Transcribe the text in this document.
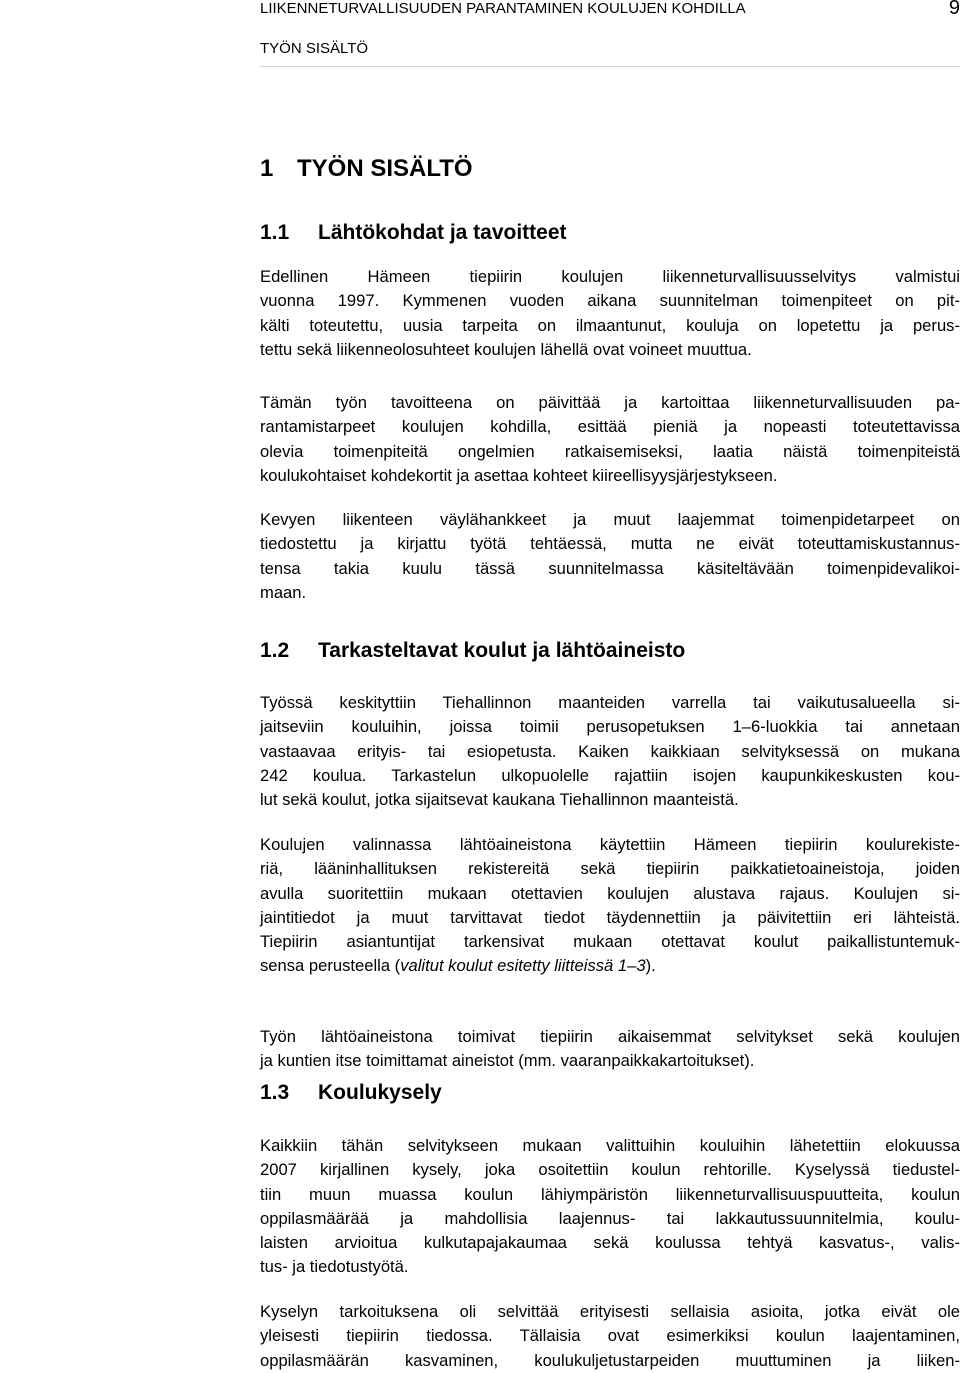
LIIKENNETURVALLISUUDEN PARANTAMINEN KOULUJEN KOHDILLA	9
TYÖN SISÄLTÖ
1 TYÖN SISÄLTÖ
1.1 Lähtökohdat ja tavoitteet
Edellinen Hämeen tiepiirin koulujen liikenneturvallisuusselvitys valmistui
vuonna 1997. Kymmenen vuoden aikana suunnitelman toimenpiteet on pit-
kälti toteutettu, uusia tarpeita on ilmaantunut, kouluja on lopetettu ja perus-
tettu sekä liikenneolosuhteet koulujen lähellä ovat voineet muuttua.
Tämän työn tavoitteena on päivittää ja kartoittaa liikenneturvallisuuden pa-
rantamistarpeet koulujen kohdilla, esittää pieniä ja nopeasti toteutettavissa
olevia toimenpiteitä ongelmien ratkaisemiseksi, laatia näistä toimenpiteistä
koulukohtaiset kohdekortit ja asettaa kohteet kiireellisyysjärjestykseen.
Kevyen liikenteen väylähankkeet ja muut laajemmat toimenpidetarpeet on
tiedostettu ja kirjattu työtä tehtäessä, mutta ne eivät toteuttamiskustannus-
tensa takia kuulu tässä suunnitelmassa käsiteltävään toimenpidevalikoi-
maan.
1.2 Tarkasteltavat koulut ja lähtöaineisto
Työssä keskityttiin Tiehallinnon maanteiden varrella tai vaikutusalueella si-
jaitseviin kouluihin, joissa toimii perusopetuksen 1–6-luokkia tai annetaan
vastaavaa erityis- tai esiopetusta. Kaiken kaikkiaan selvityksessä on mukana
242 koulua. Tarkastelun ulkopuolelle rajattiin isojen kaupunkikeskusten kou-
lut sekä koulut, jotka sijaitsevat kaukana Tiehallinnon maanteistä.
Koulujen valinnassa lähtöaineistona käytettiin Hämeen tiepiirin koulurekiste-
riä, lääninhallituksen rekistereitä sekä tiepiirin paikkatietoaineistoja, joiden
avulla suoritettiin mukaan otettavien koulujen alustava rajaus. Koulujen si-
jaintitiedot ja muut tarvittavat tiedot täydennettiin ja päivitettiin eri lähteistä.
Tiepiirin asiantuntijat tarkensivat mukaan otettavat koulut paikallistuntemuk-
sensa perusteella (valitut koulut esitetty liitteissä 1–3).
Työn lähtöaineistona toimivat tiepiirin aikaisemmat selvitykset sekä koulujen
ja kuntien itse toimittamat aineistot (mm. vaaranpaikkakartoitukset).
1.3 Koulukysely
Kaikkiin tähän selvitykseen mukaan valittuihin kouluihin lähetettiin elokuussa
2007 kirjallinen kysely, joka osoitettiin koulun rehtorille. Kyselyssä tiedustel-
tiin muun muassa koulun lähiympäristön liikenneturvallisuuspuutteita, koulun
oppilasmäärää ja mahdollisia laajennus- tai lakkautussuunnitelmia, koulu-
laisten arvioitua kulkutapajakaumaa sekä koulussa tehtyä kasvatus-, valis-
tus- ja tiedotustyötä.
Kyselyn tarkoituksena oli selvittää erityisesti sellaisia asioita, jotka eivät ole
yleisesti tiepiirin tiedossa. Tällaisia ovat esimerkiksi koulun laajentaminen,
oppilasmäärän kasvaminen, koulukuljetustarpeiden muuttuminen ja liiken-
